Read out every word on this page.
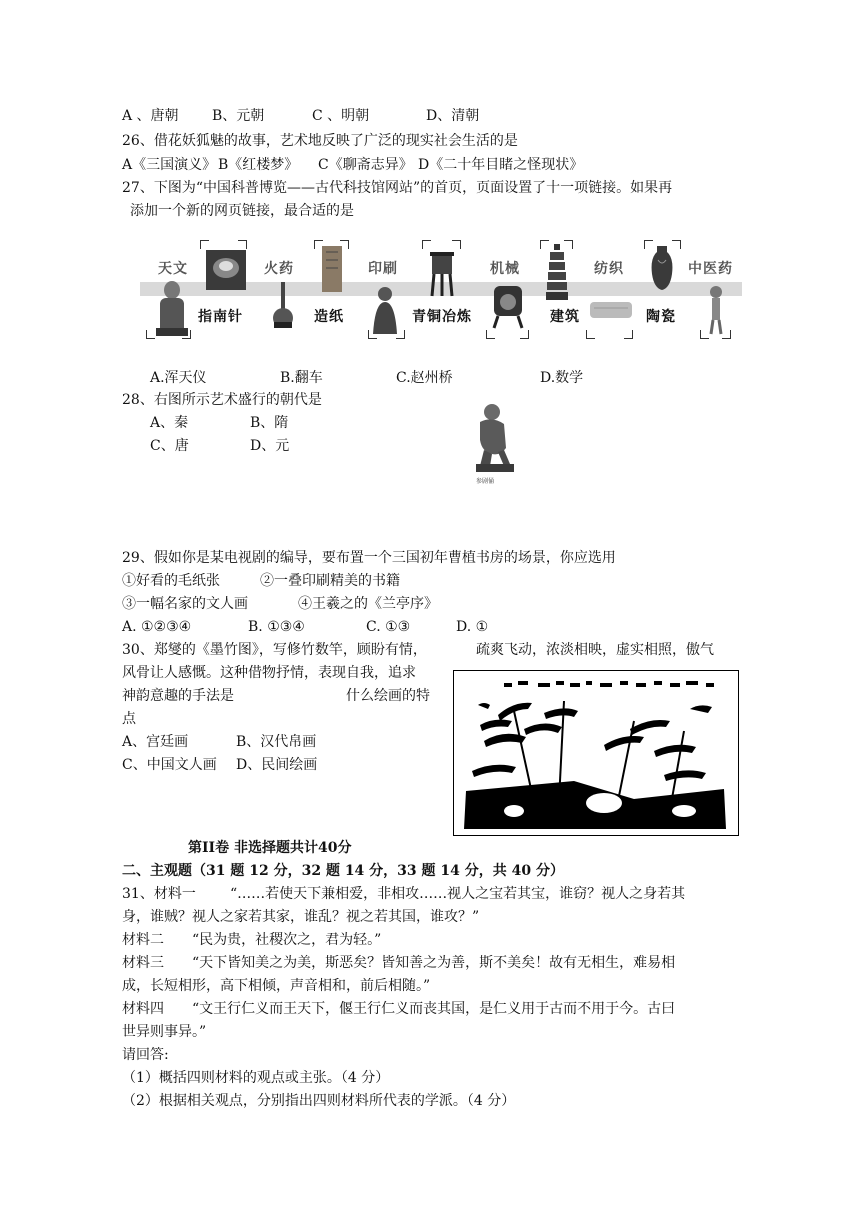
A 、唐朝 B、元朝	C 、明朝	D、清朝
26、借花妖狐魅的故事，艺术地反映了广泛的现实社会生活的是
A《三国演义》 B《红楼梦》 C《聊斋志异》 D《二十年目睹之怪现状》
27、下图为“中国科普博览——古代科技馆网站”的首页，页面设置了十一项链接。如果再
添加一个新的网页链接，最合适的是
天文	火药	印刷	机械	纺织	中医药
指南针	造纸	青铜冶炼	建筑	陶瓷
A.浑天仪	B.翻车	C.赵州桥	D.数学
28、右图所示艺术盛行的朝代是
A、秦	B、隋
C、唐	D、元
参剧俑
29、假如你是某电视剧的编导，要布置一个三国初年曹植书房的场景，你应选用
①好看的毛纸张	②一叠印刷精美的书籍
③一幅名家的文人画	④王羲之的《兰亭序》
A. ①②③④	B. ①③④	C. ①③	D. ①
30、郑燮的《墨竹图》，写修竹数竿，顾盼有情，	疏爽飞动，浓淡相映，虚实相照，傲气
风骨让人感慨。这种借物抒情，表现自我，追求
神韵意趣的手法是	什么绘画的特
点
A、宫廷画	B、汉代帛画
C、中国文人画 D、民间绘画
第II卷 非选择题共计40分
二、主观题（31 题 12 分，32 题 14 分，33 题 14 分，共 40 分）
31、材料一 “……若使天下兼相爱，非相攻……视人之宝若其宝，谁窃？视人之身若其
身，谁贼？视人之家若其家，谁乱？视之若其国，谁攻？”
材料二 “民为贵，社稷次之，君为轻。”
材料三 “天下皆知美之为美，斯恶矣？皆知善之为善，斯不美矣！故有无相生，难易相
成，长短相形，高下相倾，声音相和，前后相随。”
材料四 “文王行仁义而王天下，偃王行仁义而丧其国，是仁义用于古而不用于今。古曰
世异则事异。”
请回答:
（1）概括四则材料的观点或主张。（4 分）
（2）根据相关观点，分别指出四则材料所代表的学派。（4 分）
